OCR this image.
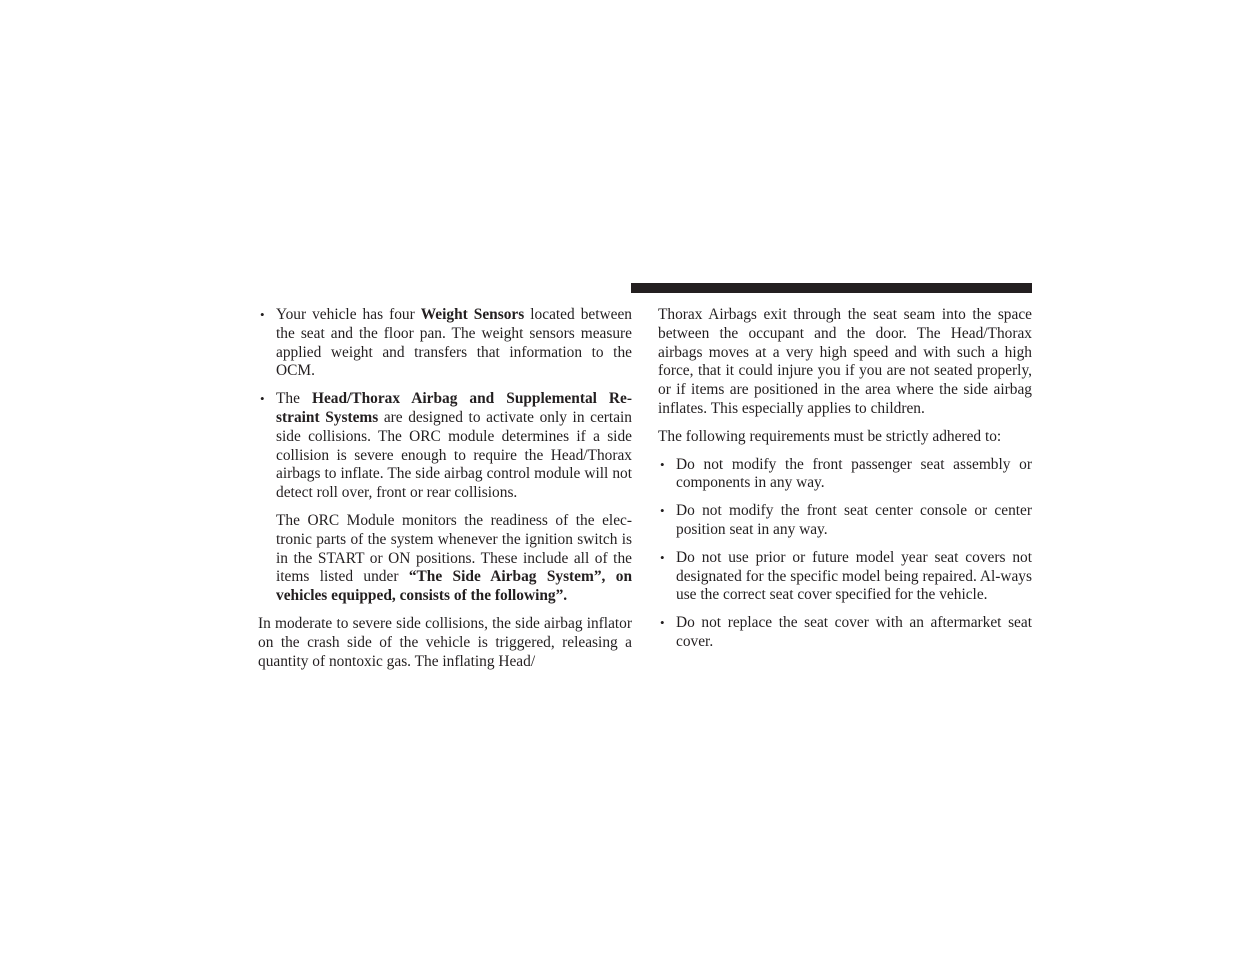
• Your vehicle has four Weight Sensors located between the seat and the floor pan. The weight sensors measure applied weight and transfers that information to the OCM.
• The Head/Thorax Airbag and Supplemental Re-straint Systems are designed to activate only in certain side collisions. The ORC module determines if a side collision is severe enough to require the Head/Thorax airbags to inflate. The side airbag control module will not detect roll over, front or rear collisions.

The ORC Module monitors the readiness of the elec-tronic parts of the system whenever the ignition switch is in the START or ON positions. These include all of the items listed under “The Side Airbag System”, on vehicles equipped, consists of the following”.

In moderate to severe side collisions, the side airbag inflator on the crash side of the vehicle is triggered, releasing a quantity of nontoxic gas. The inflating Head/

Thorax Airbags exit through the seat seam into the space between the occupant and the door. The Head/Thorax airbags moves at a very high speed and with such a high force, that it could injure you if you are not seated properly, or if items are positioned in the area where the side airbag inflates. This especially applies to children.

The following requirements must be strictly adhered to:

• Do not modify the front passenger seat assembly or components in any way.
• Do not modify the front seat center console or center position seat in any way.
• Do not use prior or future model year seat covers not designated for the specific model being repaired. Al-ways use the correct seat cover specified for the vehicle.
• Do not replace the seat cover with an aftermarket seat cover.
